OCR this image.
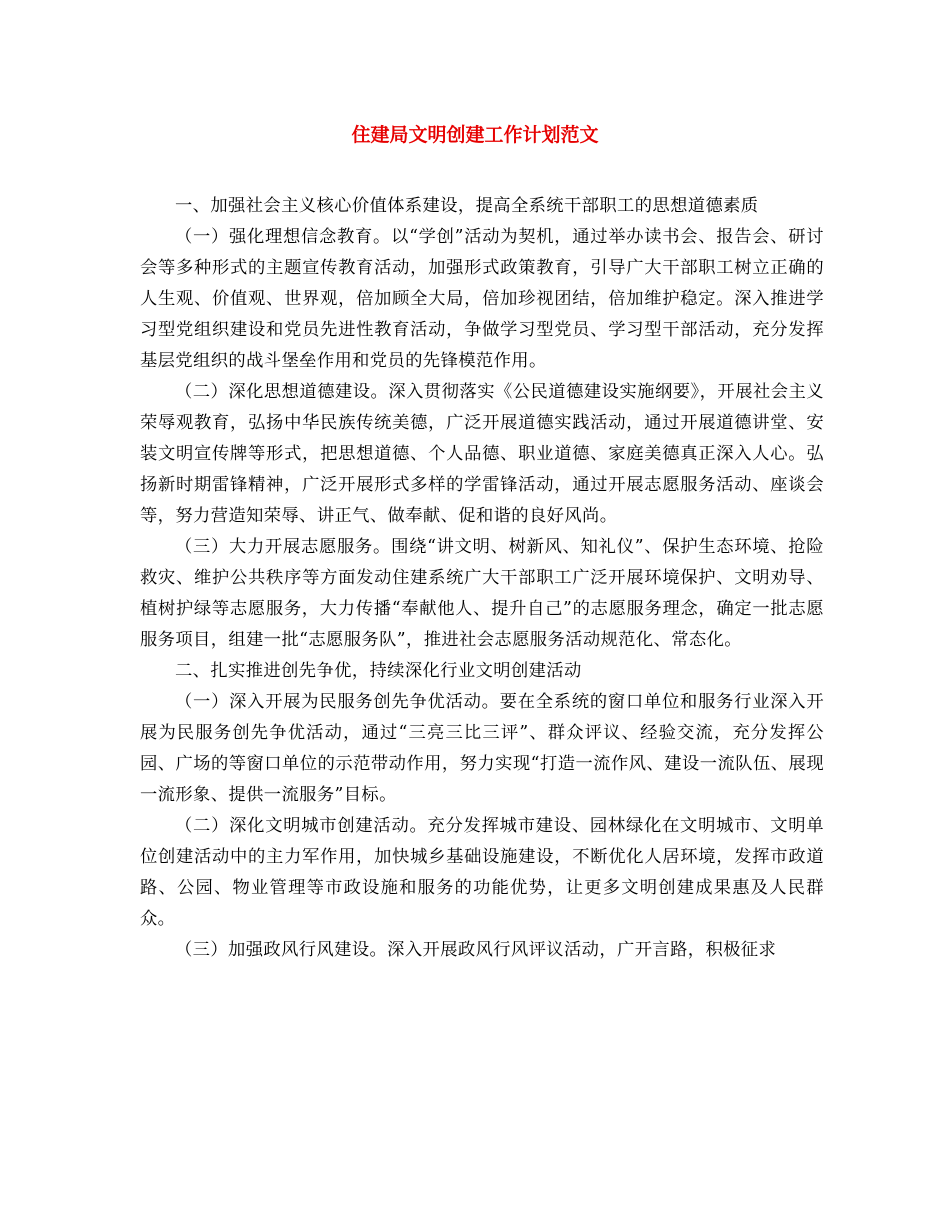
住建局文明创建工作计划范文

一、加强社会主义核心价值体系建设，提高全系统干部职工的思想道德素质

（一）强化理想信念教育。以“学创”活动为契机，通过举办读书会、报告会、研讨会等多种形式的主题宣传教育活动，加强形式政策教育，引导广大干部职工树立正确的人生观、价值观、世界观，倍加顾全大局，倍加珍视团结，倍加维护稳定。深入推进学习型党组织建设和党员先进性教育活动，争做学习型党员、学习型干部活动，充分发挥基层党组织的战斗堡垒作用和党员的先锋模范作用。

（二）深化思想道德建设。深入贯彻落实《公民道德建设实施纲要》，开展社会主义荣辱观教育，弘扬中华民族传统美德，广泛开展道德实践活动，通过开展道德讲堂、安装文明宣传牌等形式，把思想道德、个人品德、职业道德、家庭美德真正深入人心。弘扬新时期雷锋精神，广泛开展形式多样的学雷锋活动，通过开展志愿服务活动、座谈会等，努力营造知荣辱、讲正气、做奉献、促和谐的良好风尚。

（三）大力开展志愿服务。围绕“讲文明、树新风、知礼仪”、保护生态环境、抢险救灾、维护公共秩序等方面发动住建系统广大干部职工广泛开展环境保护、文明劝导、植树护绿等志愿服务，大力传播“奉献他人、提升自己”的志愿服务理念，确定一批志愿服务项目，组建一批“志愿服务队”，推进社会志愿服务活动规范化、常态化。

二、扎实推进创先争优，持续深化行业文明创建活动

（一）深入开展为民服务创先争优活动。要在全系统的窗口单位和服务行业深入开展为民服务创先争优活动，通过“三亮三比三评”、群众评议、经验交流，充分发挥公园、广场的等窗口单位的示范带动作用，努力实现“打造一流作风、建设一流队伍、展现一流形象、提供一流服务”目标。

（二）深化文明城市创建活动。充分发挥城市建设、园林绿化在文明城市、文明单位创建活动中的主力军作用，加快城乡基础设施建设，不断优化人居环境，发挥市政道路、公园、物业管理等市政设施和服务的功能优势，让更多文明创建成果惠及人民群众。

（三）加强政风行风建设。深入开展政风行风评议活动，广开言路，积极征求
